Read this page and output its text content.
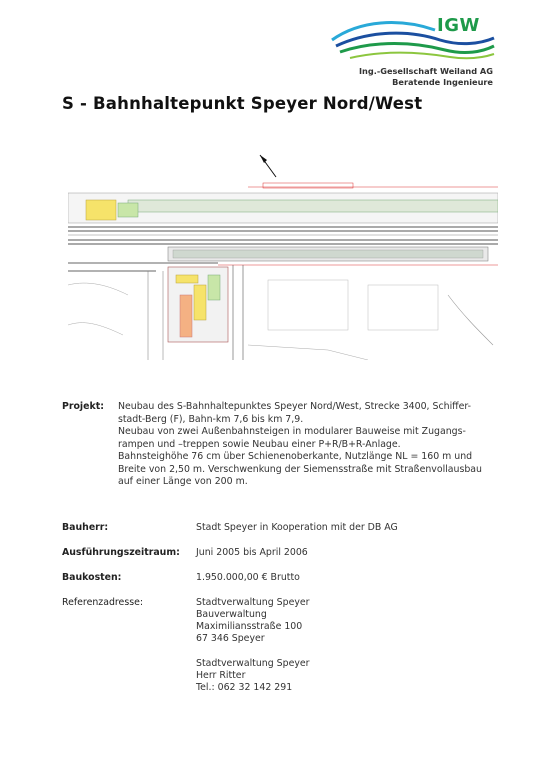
IGW
Ing.-Gesellschaft Weiland AG
Beratende Ingenieure
S - Bahnhaltepunkt Speyer Nord/West
Projekt: Neubau des S-Bahnhaltepunktes Speyer Nord/West, Strecke 3400, Schiffer-

stadt-Berg (F), Bahn-km 7,6 bis km 7,9.

Neubau von zwei Außenbahnsteigen in modularer Bauweise mit Zugangs-

rampen und –treppen sowie Neubau einer P+R/B+R-Anlage.

Bahnsteighöhe 76 cm über Schienenoberkante, Nutzlänge NL = 160 m und

Breite von 2,50 m. Verschwenkung der Siemensstraße mit Straßenvollausbau

auf einer Länge von 200 m.

Bauherr:	Stadt Speyer in Kooperation mit der DB AG
Ausführungszeitraum: Juni 2005 bis April 2006
Baukosten:	1.950.000,00 € Brutto
Referenzadresse:	Stadtverwaltung Speyer
Bauverwaltung
Maximiliansstraße 100
67 346 Speyer
Stadtverwaltung Speyer
Herr Ritter
Tel.: 062 32 142 291
